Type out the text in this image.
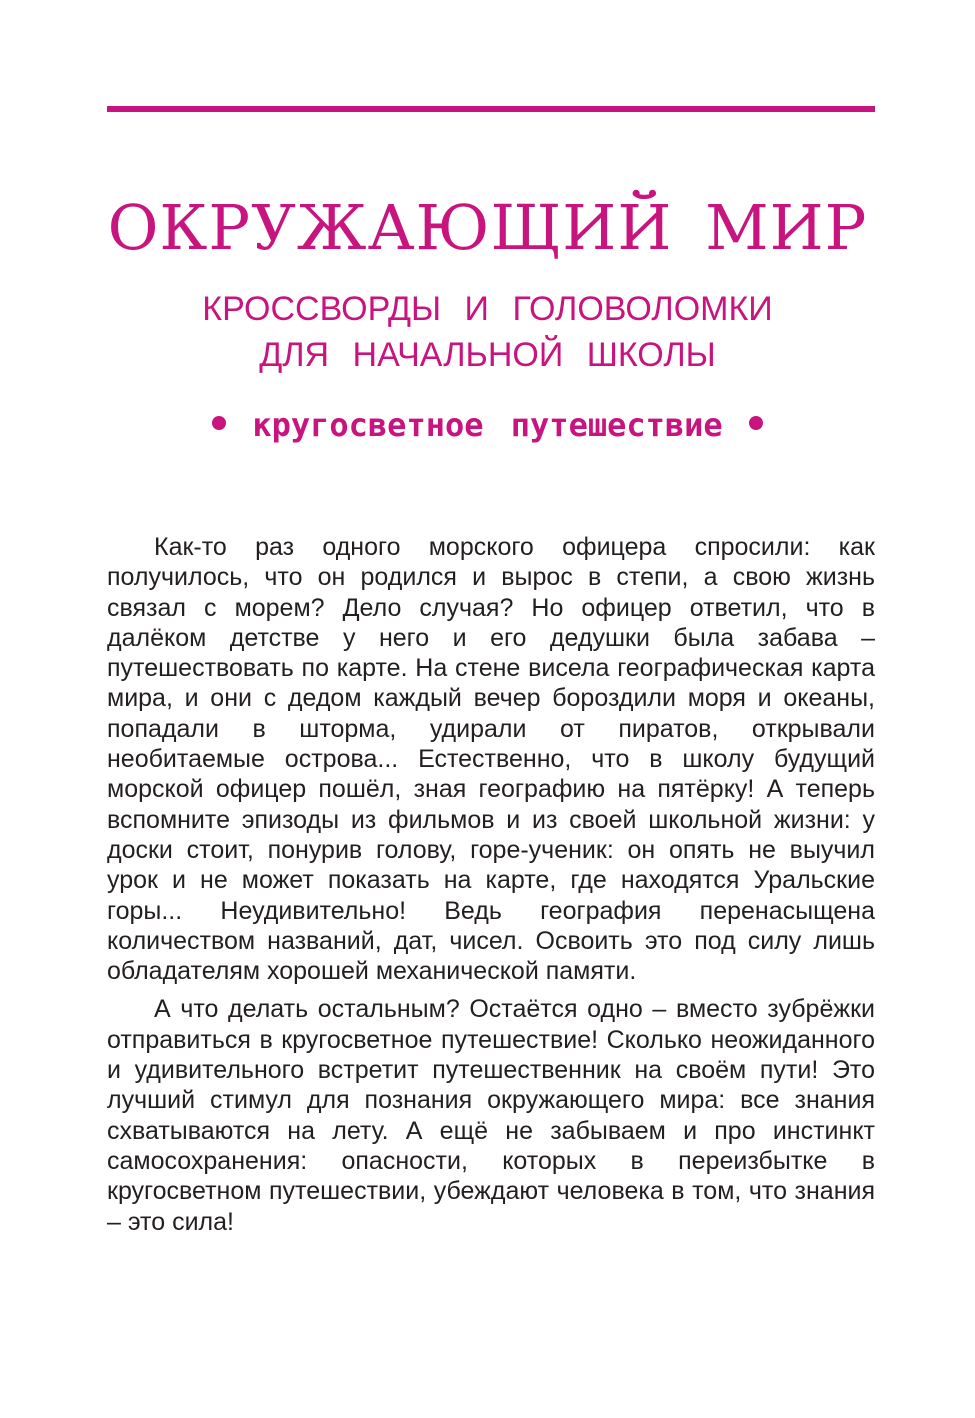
ОКРУЖАЮЩИЙ МИР
КРОССВОРДЫ И ГОЛОВОЛОМКИ
ДЛЯ НАЧАЛЬНОЙ ШКОЛЫ
кругосветное путешествие

Как-то раз одного морского офицера спросили: как получилось, что он родился и вырос в степи, а свою жизнь связал с морем? Дело случая? Но офицер ответил, что в далёком детстве у него и его дедушки была забава – путешествовать по карте. На стене висела географическая карта мира, и они с дедом каждый вечер бороздили моря и океаны, попадали в шторма, удирали от пиратов, открывали необитаемые острова... Естественно, что в школу будущий морской офицер пошёл, зная географию на пятёрку! А теперь вспомните эпизоды из фильмов и из своей школьной жизни: у доски стоит, понурив голову, горе-ученик: он опять не выучил урок и не может показать на карте, где находятся Уральские горы... Неудивительно! Ведь география перенасыщена количеством названий, дат, чисел. Освоить это под силу лишь обладателям хорошей механической памяти.

А что делать остальным? Остаётся одно – вместо зубрёжки отправиться в кругосветное путешествие! Сколько неожиданного и удивительного встретит путешественник на своём пути! Это лучший стимул для познания окружающего мира: все знания схватываются на лету. А ещё не забываем и про инстинкт самосохранения: опасности, которых в переизбытке в кругосветном путешествии, убеждают человека в том, что знания – это сила!
